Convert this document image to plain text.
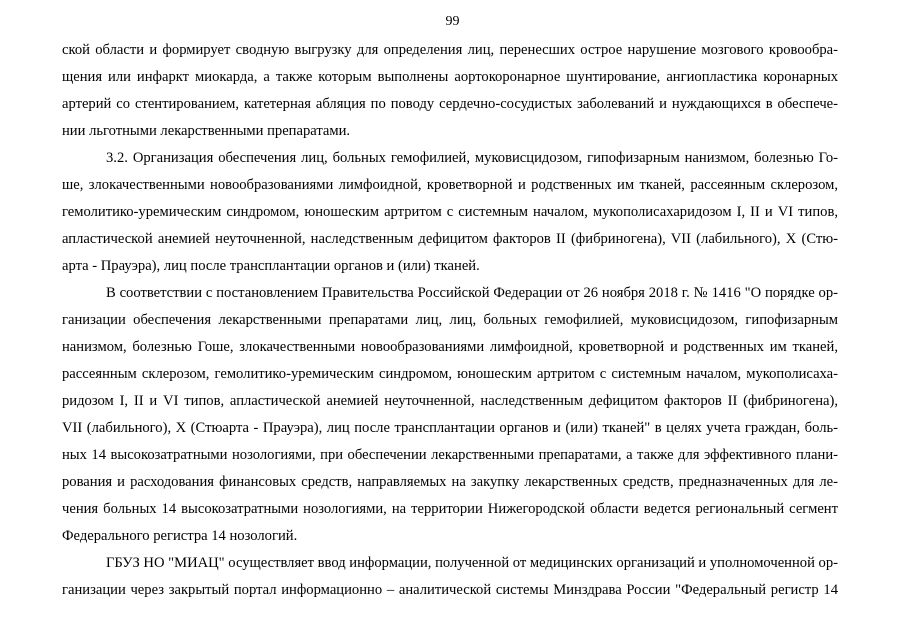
99
ской области и формирует сводную выгрузку для определения лиц, перенесших острое нарушение мозгового кровообра-
щения или инфаркт миокарда, а также которым выполнены аортокоронарное шунтирование, ангиопластика коронарных
артерий со стентированием, катетерная абляция по поводу сердечно-сосудистых заболеваний и нуждающихся в обеспече-
нии льготными лекарственными препаратами.
3.2. Организация обеспечения лиц, больных гемофилией, муковисцидозом, гипофизарным нанизмом, болезнью Го-
ше, злокачественными новообразованиями лимфоидной, кроветворной и родственных им тканей, рассеянным склерозом,
гемолитико-уремическим синдромом, юношеским артритом с системным началом, мукополисахаридозом I, II и VI типов,
апластической анемией неуточненной, наследственным дефицитом факторов II (фибриногена), VII (лабильного), X (Стю-
арта - Прауэра), лиц после трансплантации органов и (или) тканей.
В соответствии с постановлением Правительства Российской Федерации от 26 ноября 2018 г. № 1416 "О порядке ор-
ганизации обеспечения лекарственными препаратами лиц, лиц, больных гемофилией, муковисцидозом, гипофизарным
нанизмом, болезнью Гоше, злокачественными новообразованиями лимфоидной, кроветворной и родственных им тканей,
рассеянным склерозом, гемолитико-уремическим синдромом, юношеским артритом с системным началом, мукополисаха-
ридозом I, II и VI типов, апластической анемией неуточненной, наследственным дефицитом факторов II (фибриногена),
VII (лабильного), X (Стюарта - Прауэра), лиц после трансплантации органов и (или) тканей" в целях учета граждан, боль-
ных 14 высокозатратными нозологиями, при обеспечении лекарственными препаратами, а также для эффективного плани-
рования и расходования финансовых средств, направляемых на закупку лекарственных средств, предназначенных для ле-
чения больных 14 высокозатратными нозологиями, на территории Нижегородской области ведется региональный сегмент
Федерального регистра 14 нозологий.
ГБУЗ НО "МИАЦ" осуществляет ввод информации, полученной от медицинских организаций и уполномоченной ор-
ганизации через закрытый портал информационно – аналитической системы Минздрава России "Федеральный регистр 14
